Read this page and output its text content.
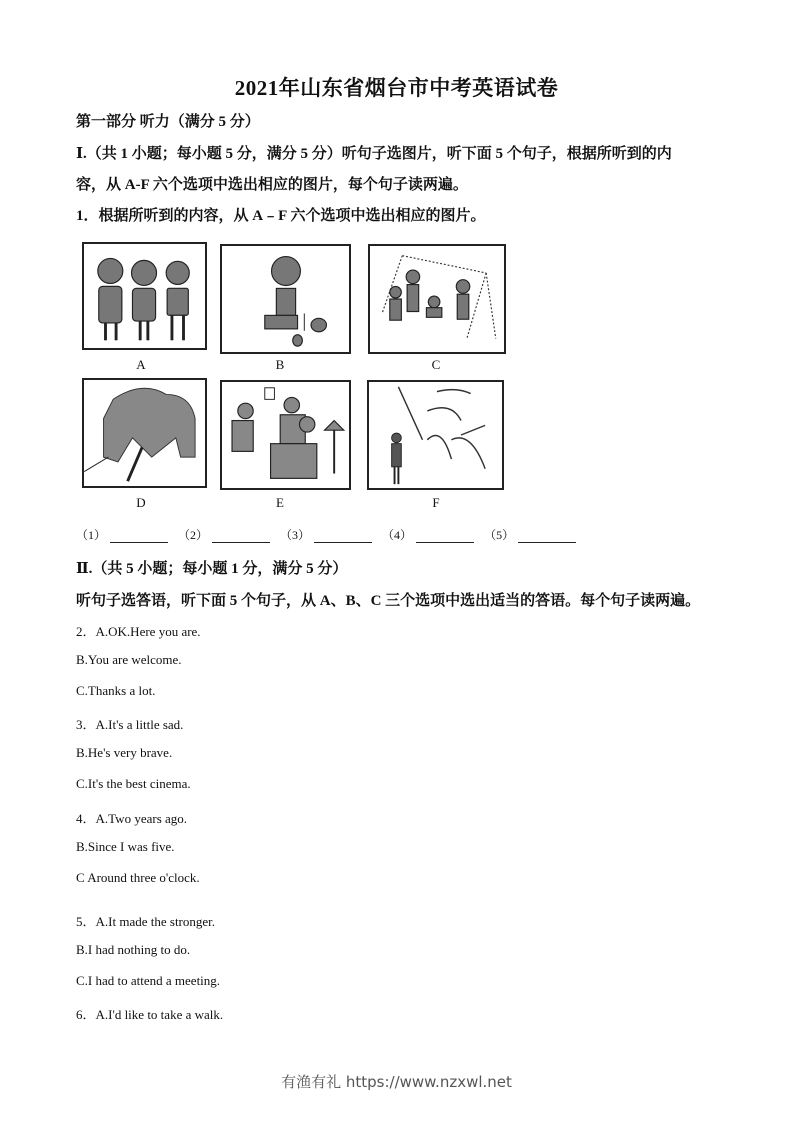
2021年山东省烟台市中考英语试卷
第一部分 听力（满分 5 分）
Ⅰ.（共 1 小题；每小题 5 分，满分 5 分）听句子选图片，听下面 5 个句子，根据所听到的内
容，从 A-F 六个选项中选出相应的图片，每个句子读两遍。
1．根据所听到的内容，从 A﹣F 六个选项中选出相应的图片。
A	B	C
D	E	F
（1）	（2）	（3）	（4）	（5）
Ⅱ.（共 5 小题；每小题 1 分，满分 5 分）
听句子选答语，听下面 5 个句子，从 A、B、C 三个选项中选出适当的答语。每个句子读两遍。
2．A.OK.Here you are.
B.You are welcome.
C.Thanks a lot.
3．A.It's a little sad.
B.He's very brave.
C.It's the best cinema.
4．A.Two years ago.
B.Since I was five.
C Around three o'clock.
5．A.It made the stronger.
B.I had nothing to do.
C.I had to attend a meeting.
6．A.I'd like to take a walk.
有渔有礼 https://www.nzxwl.net
